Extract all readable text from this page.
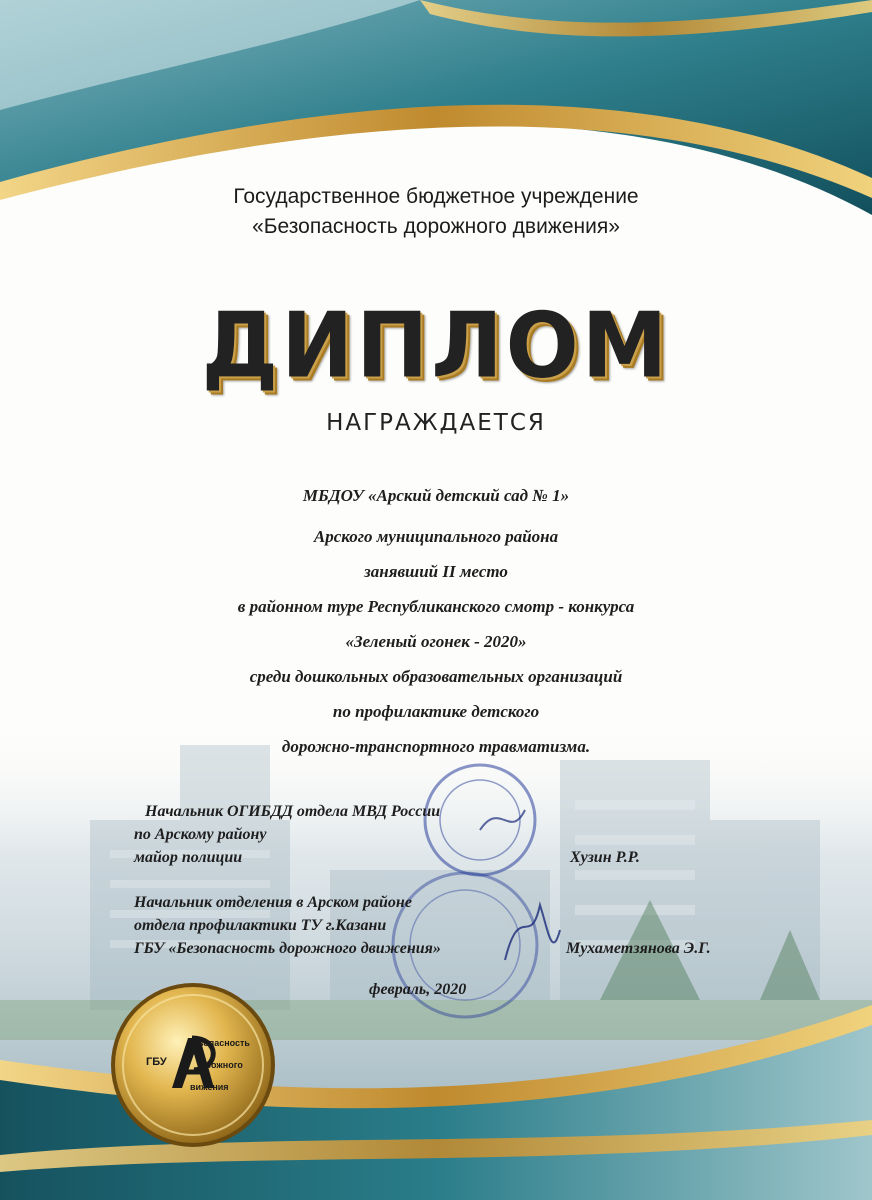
Государственное бюджетное учреждение
«Безопасность дорожного движения»
ДИПЛОМ
НАГРАЖДАЕТСЯ
МБДОУ «Арский детский сад № 1»
Арского муниципального района
занявший II место
в районном туре Республиканского смотр - конкурса
«Зеленый огонек - 2020»
среди дошкольных образовательных организаций
по профилактике детского
дорожно-транспортного травматизма.
Начальник ОГИБДД отдела МВД России
по Арскому району
майор полиции	Хузин Р.Р.
Начальник отделения в Арском районе
отдела профилактики ТУ г.Казани
ГБУ «Безопасность дорожного движения»	Мухаметзянова Э.Г.
февраль, 2020
ГБУ
езопасность
орожного
вижения
